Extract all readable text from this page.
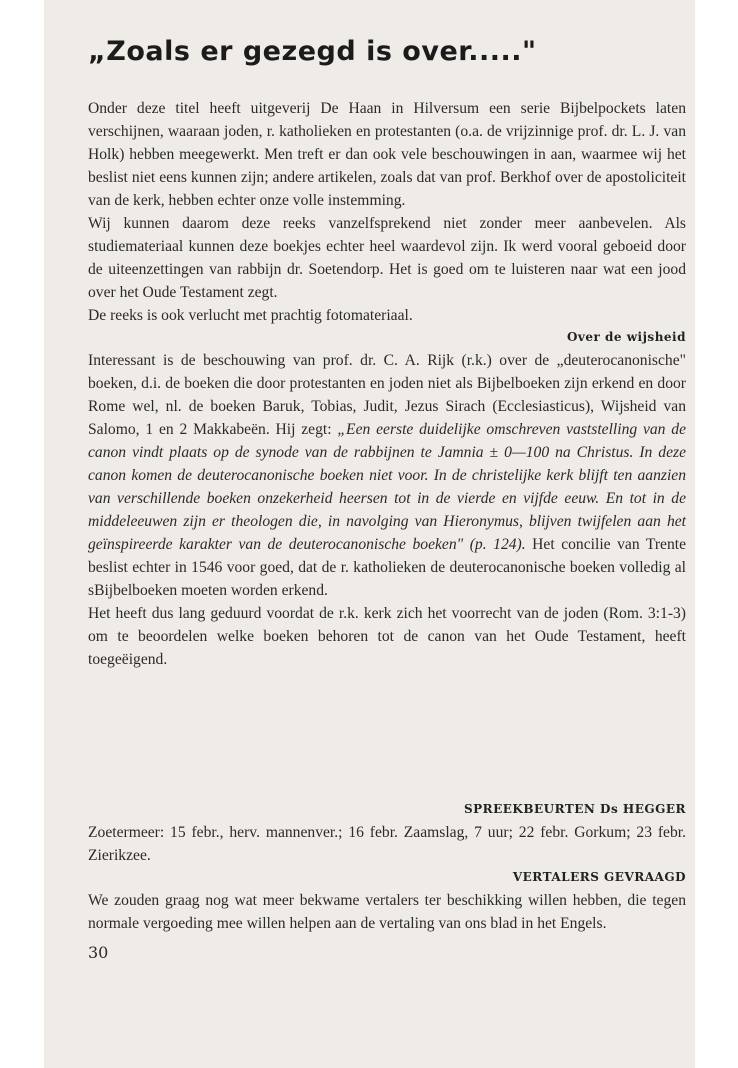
„Zoals er gezegd is over....."

Onder deze titel heeft uitgeverij De Haan in Hilversum een serie Bijbelpockets laten verschijnen, waaraan joden, r. katholieken en protestanten (o.a. de vrijzinnige prof. dr. L. J. van Holk) hebben meegewerkt. Men treft er dan ook vele beschouwingen in aan, waarmee wij het beslist niet eens kunnen zijn; andere artikelen, zoals dat van prof. Berkhof over de apostoliciteit van de kerk, hebben echter onze volle instemming.

Wij kunnen daarom deze reeks vanzelfsprekend niet zonder meer aanbevelen. Als studiemateriaal kunnen deze boekjes echter heel waardevol zijn. Ik werd vooral geboeid door de uiteenzettingen van rabbijn dr. Soetendorp. Het is goed om te luisteren naar wat een jood over het Oude Testament zegt.

De reeks is ook verlucht met prachtig fotomateriaal.

Over de wijsheid

Interessant is de beschouwing van prof. dr. C. A. Rijk (r.k.) over de „deuterocanonische" boeken, d.i. de boeken die door protestanten en joden niet als Bijbelboeken zijn erkend en door Rome wel, nl. de boeken Baruk, Tobias, Judit, Jezus Sirach (Ecclesiasticus), Wijsheid van Salomo, 1 en 2 Makkabeën. Hij zegt: „Een eerste duidelijke omschreven vaststelling van de canon vindt plaats op de synode van de rabbijnen te Jamnia ± 0—100 na Christus. In deze canon komen de deuterocanonische boeken niet voor. In de christelijke kerk blijft ten aanzien van verschillende boeken onzekerheid heersen tot in de vierde en vijfde eeuw. En tot in de middeleeuwen zijn er theologen die, in navolging van Hieronymus, blijven twijfelen aan het geïnspireerde karakter van de deuterocanonische boeken" (p. 124). Het concilie van Trente beslist echter in 1546 voor goed, dat de r. katholieken de deuterocanonische boeken volledig al sBijbelboeken moeten worden erkend.

Het heeft dus lang geduurd voordat de r.k. kerk zich het voorrecht van de joden (Rom. 3:1-3) om te beoordelen welke boeken behoren tot de canon van het Oude Testament, heeft toegeëigend.

SPREEKBEURTEN Ds HEGGER

Zoetermeer: 15 febr., herv. mannenver.; 16 febr. Zaamslag, 7 uur; 22 febr. Gorkum; 23 febr. Zierikzee.

VERTALERS GEVRAAGD

We zouden graag nog wat meer bekwame vertalers ter beschikking willen hebben, die tegen normale vergoeding mee willen helpen aan de vertaling van ons blad in het Engels.

30
